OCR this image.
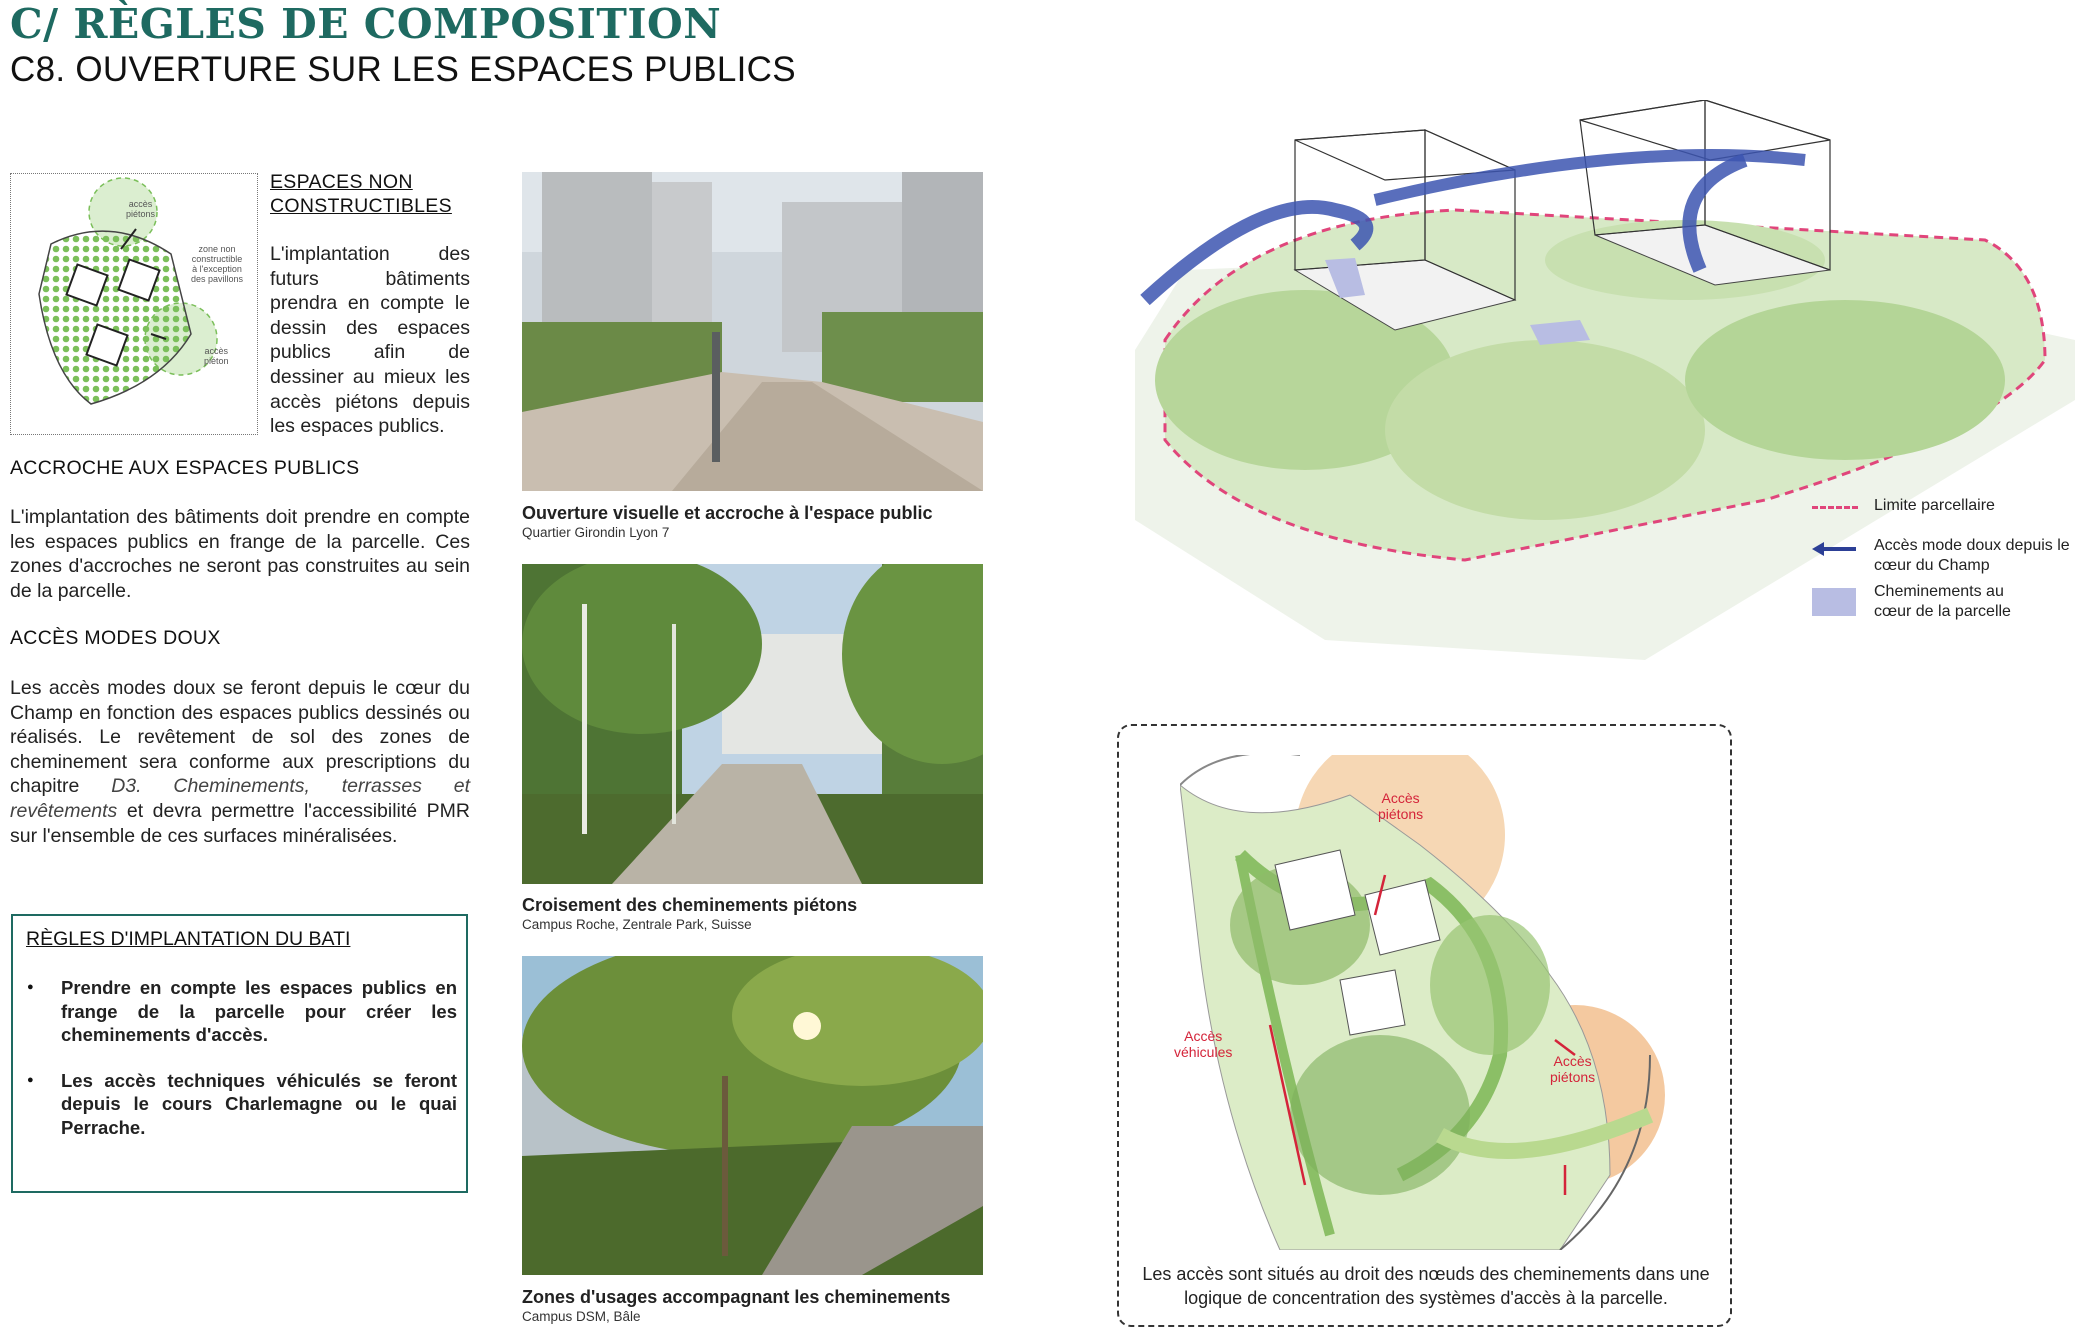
C/ RÈGLES DE COMPOSITION
C8. OUVERTURE SUR LES ESPACES PUBLICS
accès
piétons
zone non
constructible
à l'exception
des pavillons
accès
piéton
ESPACES NON CONSTRUCTIBLES
L'implantation des futurs bâtiments prendra en compte le dessin des espaces publics afin de dessiner au mieux les accès piétons depuis les espaces publics.
ACCROCHE AUX ESPACES PUBLICS
L'implantation des bâtiments doit prendre en compte les espaces publics en frange de la parcelle. Ces zones d'accroches ne seront pas construites au sein de la parcelle.
ACCÈS MODES DOUX
Les accès modes doux se feront depuis le cœur du Champ en fonction des espaces publics dessinés ou réalisés. Le revêtement de sol des zones de cheminement sera conforme aux prescriptions du chapitre D3. Cheminements, terrasses et revêtements et devra permettre l'accessibilité PMR sur l'ensemble de ces surfaces minéralisées.
RÈGLES D'IMPLANTATION DU BATI
● Prendre en compte les espaces publics en frange de la parcelle pour créer les cheminements d'accès.
● Les accès techniques véhiculés se feront depuis le cours Charlemagne ou le quai Perrache.
Ouverture visuelle et accroche à l'espace public
Quartier Girondin Lyon 7
Croisement des cheminements piétons
Campus Roche, Zentrale Park, Suisse
Zones d'usages accompagnant les cheminements
Campus DSM, Bâle
Limite parcellaire
Accès mode doux depuis le cœur du Champ
Cheminements au cœur de la parcelle
Accès
piétons
Accès
véhicules
Accès
piétons
Les accès sont situés au droit des nœuds des cheminements dans une logique de concentration des systèmes d'accès à la parcelle.
